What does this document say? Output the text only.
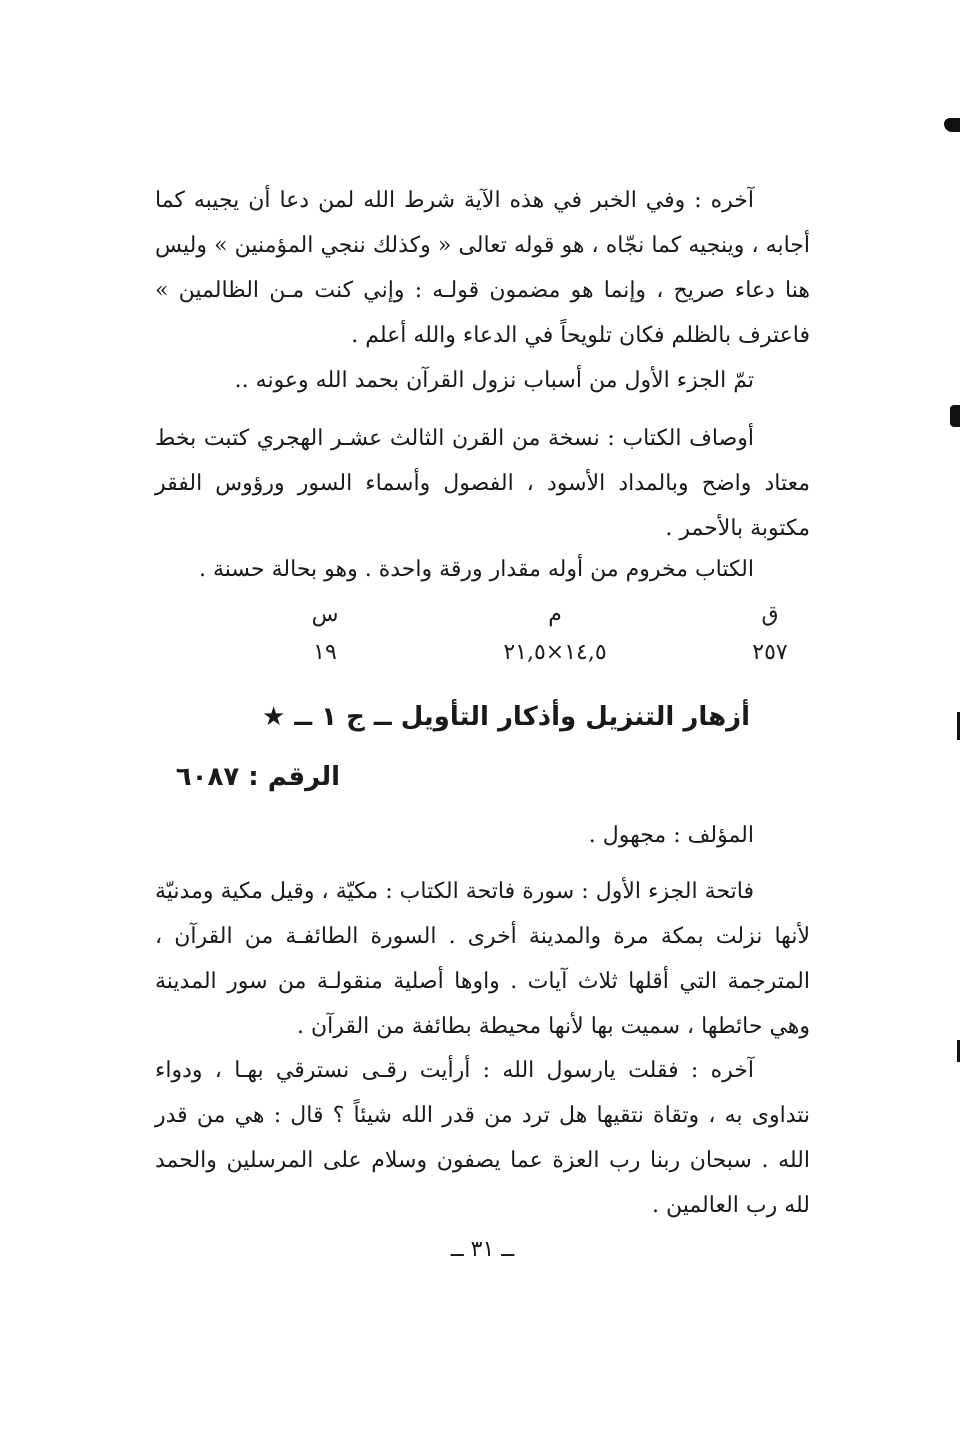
آخره : وفي الخبر في هذه الآية شرط الله لمن دعا أن يجيبه كما أجابه ، وينجيه كما نجّاه ، هو قوله تعالى « وكذلك ننجي المؤمنين » وليس هنا دعاء صريح ، وإنما هو مضمون قولـه : وإني كنت مـن الظالمين » فاعترف بالظلم فكان تلويحاً في الدعاء والله أعلم .

تمّ الجزء الأول من أسباب نزول القرآن بحمد الله وعونه ..

أوصاف الكتاب : نسخة من القرن الثالث عشـر الهجري كتبت بخط معتاد واضح وبالمداد الأسود ، الفصول وأسماء السور ورؤوس الفقر مكتوبة بالأحمر .

الكتاب مخروم من أوله مقدار ورقة واحدة . وهو بحالة حسنة .

ق
م
س
٢٥٧
١٤,٥×٢١,٥
١٩
أزهار التنزيل وأذكار التأويل ــ ج ١ ــ ★
الرقم : ٦٠٨٧

المؤلف : مجهول .

فاتحة الجزء الأول : سورة فاتحة الكتاب : مكيّة ، وقيل مكية ومدنيّة لأنها نزلت بمكة مرة والمدينة أخرى . السورة الطائفـة من القرآن ، المترجمة التي أقلها ثلاث آيات . واوها أصلية منقولـة من سور المدينة وهي حائطها ، سميت بها لأنها محيطة بطائفة من القرآن .

آخره : فقلت يارسول الله : أرأيت رقـى نسترقي بهـا ، ودواء نتداوى به ، وتقاة نتقيها هل ترد من قدر الله شيئاً ؟ قال : هي من قدر الله . سبحان ربنا رب العزة عما يصفون وسلام على المرسلين والحمد لله رب العالمين .

ــ ٣١ ــ
